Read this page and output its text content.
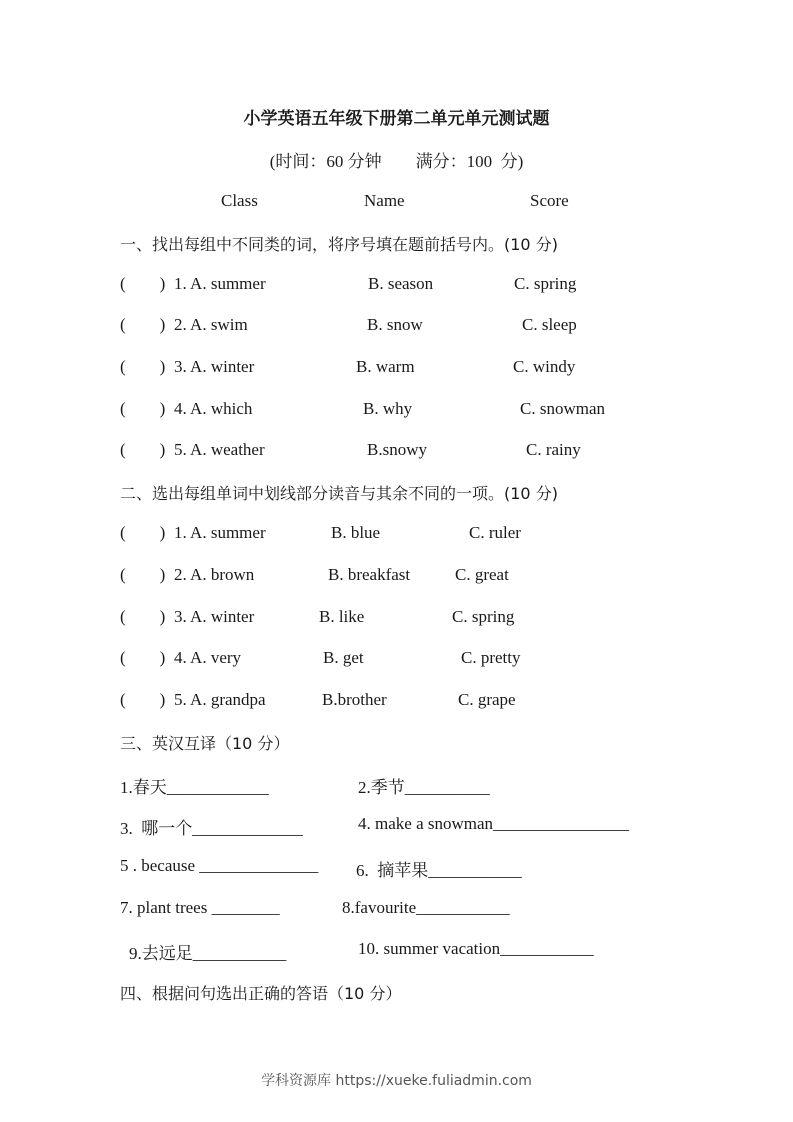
小学英语五年级下册第二单元单元测试题
(时间：60 分钟        满分：100  分)
Class	Name	Score
一、找出每组中不同类的词，将序号填在题前括号内。(10 分)
(        ) 1. A. summer	B. season	C. spring
(        ) 2. A. swim	B. snow	C. sleep
(        ) 3. A. winter	B. warm	C. windy
(        ) 4. A. which	B. why	C. snowman
(        ) 5. A. weather	B.snowy	C. rainy
二、选出每组单词中划线部分读音与其余不同的一项。(10 分)
(        ) 1. A. summer	B. blue	C. ruler
(        ) 2. A. brown	B. breakfast	C. great
(        ) 3. A. winter	B. like	C. spring
(        ) 4. A. very	B. get	C. pretty
(        ) 5. A. grandpa	B.brother	C. grape
三、英汉互译（10 分）
1.春天____________	2.季节__________
3.  哪一个_____________	4. make a snowman________________
5 . because ______________ 6.  摘苹果___________
7. plant trees ________	8.favourite___________
9.去远足___________	10. summer vacation___________
四、根据问句选出正确的答语（10 分）
学科资源库 https://xueke.fuliadmin.com
